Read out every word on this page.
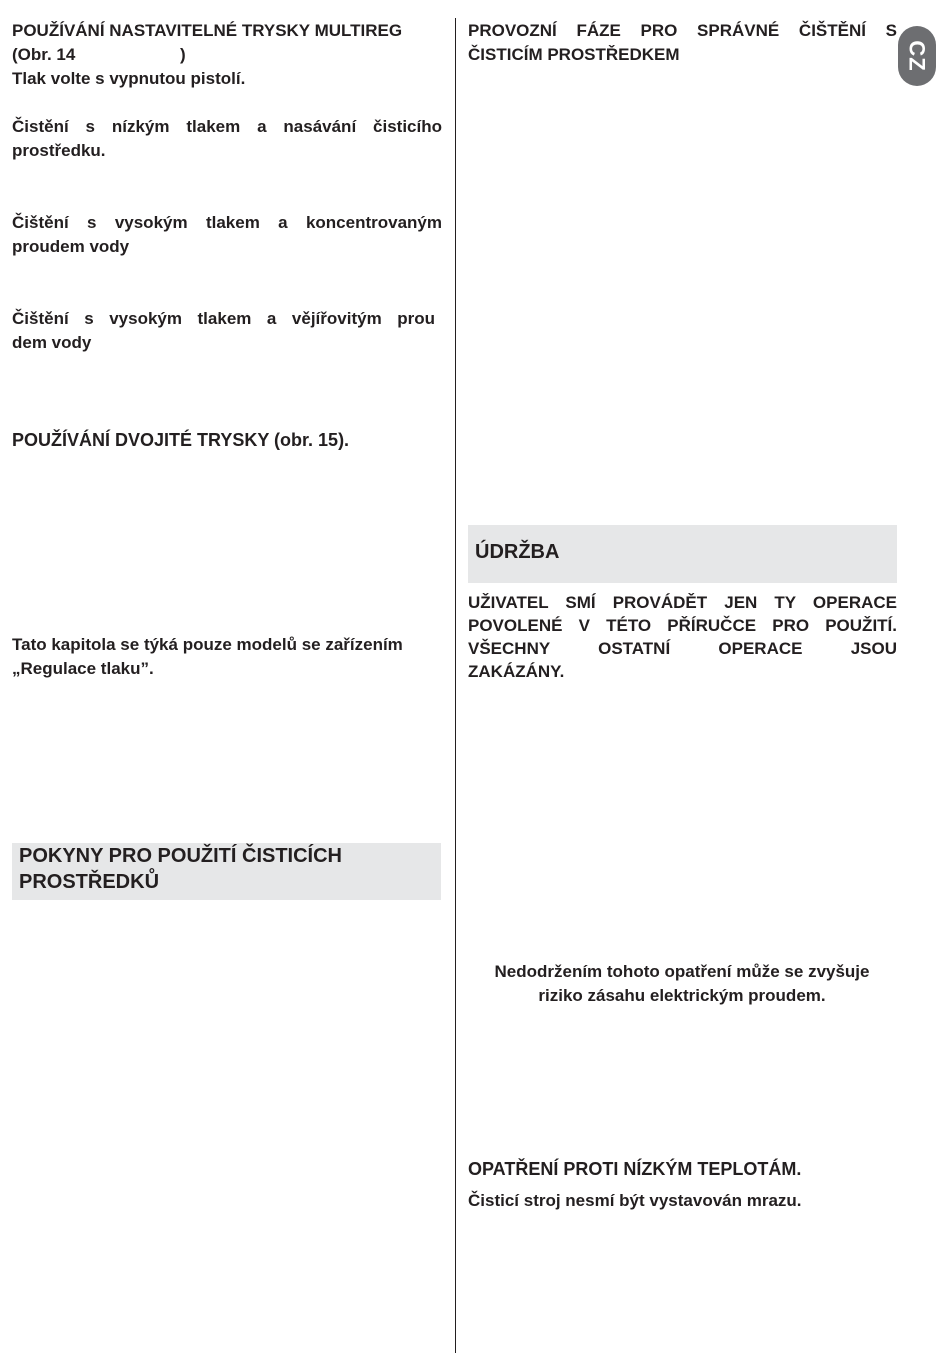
CZ

POUŽÍVÁNÍ NASTAVITELNÉ TRYSKY MULTIREG

(Obr. 14	)

Tlak volte s vypnutou pistolí.

Čistění s nízkým tlakem a nasávání čisticího

prostředku.

Čištění s vysokým tlakem a koncentrovaným

proudem vody

Čištění s vysokým tlakem a vějířovitým prou

dem vody

POUŽÍVÁNÍ DVOJITÉ TRYSKY (obr. 15).

Tato kapitola se týká pouze modelů se zařízením

„Regulace tlaku”.

POKYNY PRO POUŽITÍ ČISTICÍCH

PROSTŘEDKŮ

PROVOZNÍ FÁZE PRO SPRÁVNÉ ČIŠTĚNÍ S

ČISTICÍM PROSTŘEDKEM

ÚDRŽBA

UŽIVATEL SMÍ PROVÁDĚT JEN TY OPERACE

POVOLENÉ V TÉTO PŘÍRUČCE PRO POUŽITÍ.

VŠECHNY OSTATNÍ OPERACE JSOU

ZAKÁZÁNY.

Nedodržením tohoto opatření může se zvyšuje

riziko zásahu elektrickým proudem.

OPATŘENÍ PROTI NÍZKÝM TEPLOTÁM.

Čisticí stroj nesmí být vystavován mrazu.
